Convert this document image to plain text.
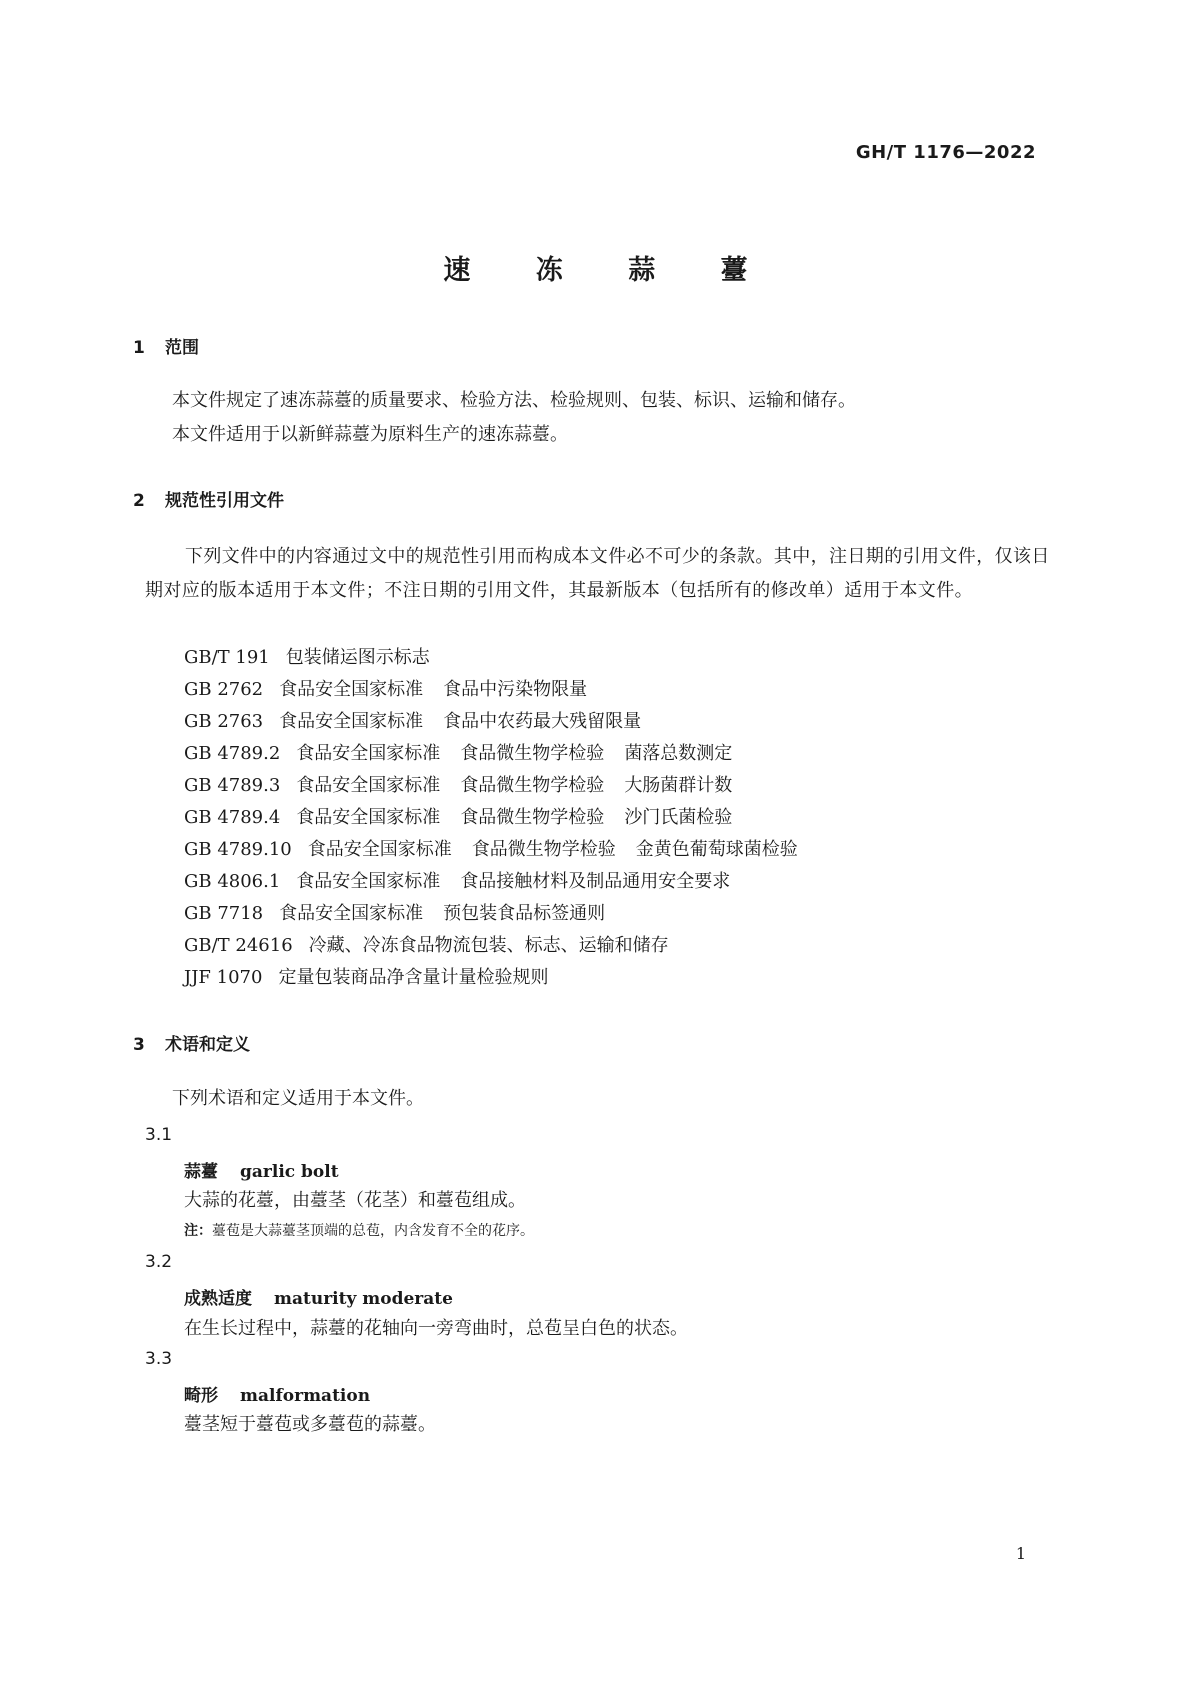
GH/T 1176—2022
速 冻 蒜 薹
1 范围
本文件规定了速冻蒜薹的质量要求、检验方法、检验规则、包装、标识、运输和储存。
本文件适用于以新鲜蒜薹为原料生产的速冻蒜薹。
2 规范性引用文件
下列文件中的内容通过文中的规范性引用而构成本文件必不可少的条款。其中，注日期的引用文件，仅该日期对应的版本适用于本文件；不注日期的引用文件，其最新版本（包括所有的修改单）适用于本文件。
GB/T 191 包装储运图示标志
GB 2762 食品安全国家标准 食品中污染物限量
GB 2763 食品安全国家标准 食品中农药最大残留限量
GB 4789.2 食品安全国家标准 食品微生物学检验 菌落总数测定
GB 4789.3 食品安全国家标准 食品微生物学检验 大肠菌群计数
GB 4789.4 食品安全国家标准 食品微生物学检验 沙门氏菌检验
GB 4789.10 食品安全国家标准 食品微生物学检验 金黄色葡萄球菌检验
GB 4806.1 食品安全国家标准 食品接触材料及制品通用安全要求
GB 7718 食品安全国家标准 预包装食品标签通则
GB/T 24616 冷藏、冷冻食品物流包装、标志、运输和储存
JJF 1070 定量包装商品净含量计量检验规则
3 术语和定义
下列术语和定义适用于本文件。
3.1
蒜薹 garlic bolt
大蒜的花薹，由薹茎（花茎）和薹苞组成。
注：薹苞是大蒜薹茎顶端的总苞，内含发育不全的花序。
3.2
成熟适度 maturity moderate
在生长过程中，蒜薹的花轴向一旁弯曲时，总苞呈白色的状态。
3.3
畸形 malformation
薹茎短于薹苞或多薹苞的蒜薹。
1
